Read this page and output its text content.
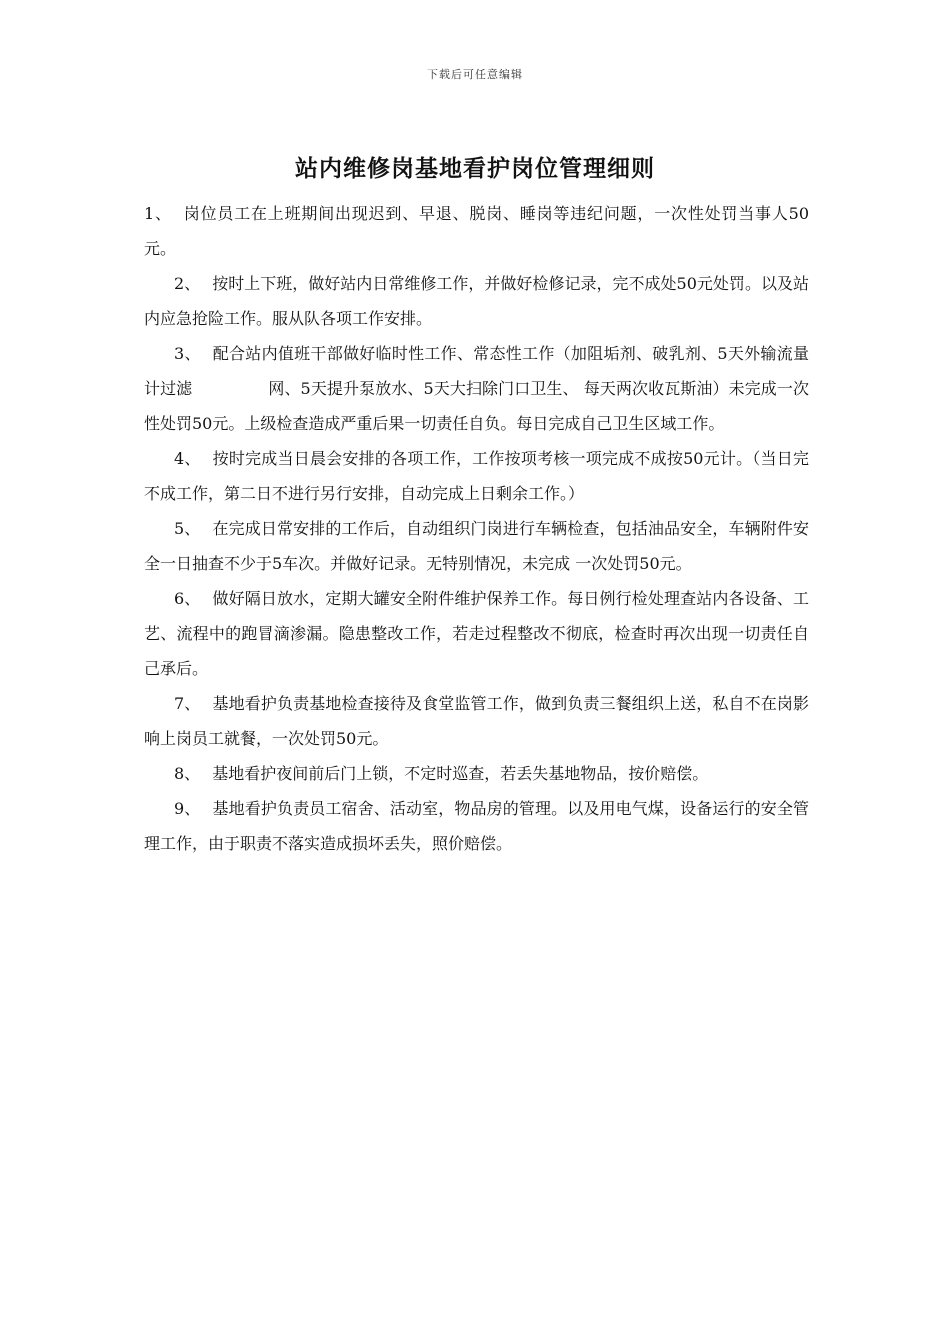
下载后可任意编辑
站内维修岗基地看护岗位管理细则

1、 岗位员工在上班期间出现迟到、早退、脱岗、睡岗等违纪问题，一次性处罚当事人50元。

2、 按时上下班，做好站内日常维修工作，并做好检修记录，完不成处50元处罚。以及站内应急抢险工作。服从队各项工作安排。

3、 配合站内值班干部做好临时性工作、常态性工作（加阻垢剂、破乳剂、5天外输流量计过滤	网、5天提升泵放水、5天大扫除门口卫生、 每天两次收瓦斯油）未完成一次性处罚50元。上级检查造成严重后果一切责任自负。每日完成自己卫生区域工作。

4、 按时完成当日晨会安排的各项工作，工作按项考核一项完成不成按50元计。（当日完不成工作，第二日不进行另行安排，自动完成上日剩余工作。）

5、 在完成日常安排的工作后，自动组织门岗进行车辆检查，包括油品安全，车辆附件安全一日抽查不少于5车次。并做好记录。无特别情况，未完成 一次处罚50元。

6、 做好隔日放水，定期大罐安全附件维护保养工作。每日例行检处理查站内各设备、工艺、流程中的跑冒滴渗漏。隐患整改工作，若走过程整改不彻底，检查时再次出现一切责任自己承后。

7、 基地看护负责基地检查接待及食堂监管工作，做到负责三餐组织上送，私自不在岗影响上岗员工就餐，一次处罚50元。

8、 基地看护夜间前后门上锁，不定时巡查，若丢失基地物品，按价赔偿。

9、 基地看护负责员工宿舍、活动室，物品房的管理。以及用电气煤，设备运行的安全管理工作，由于职责不落实造成损坏丢失，照价赔偿。
